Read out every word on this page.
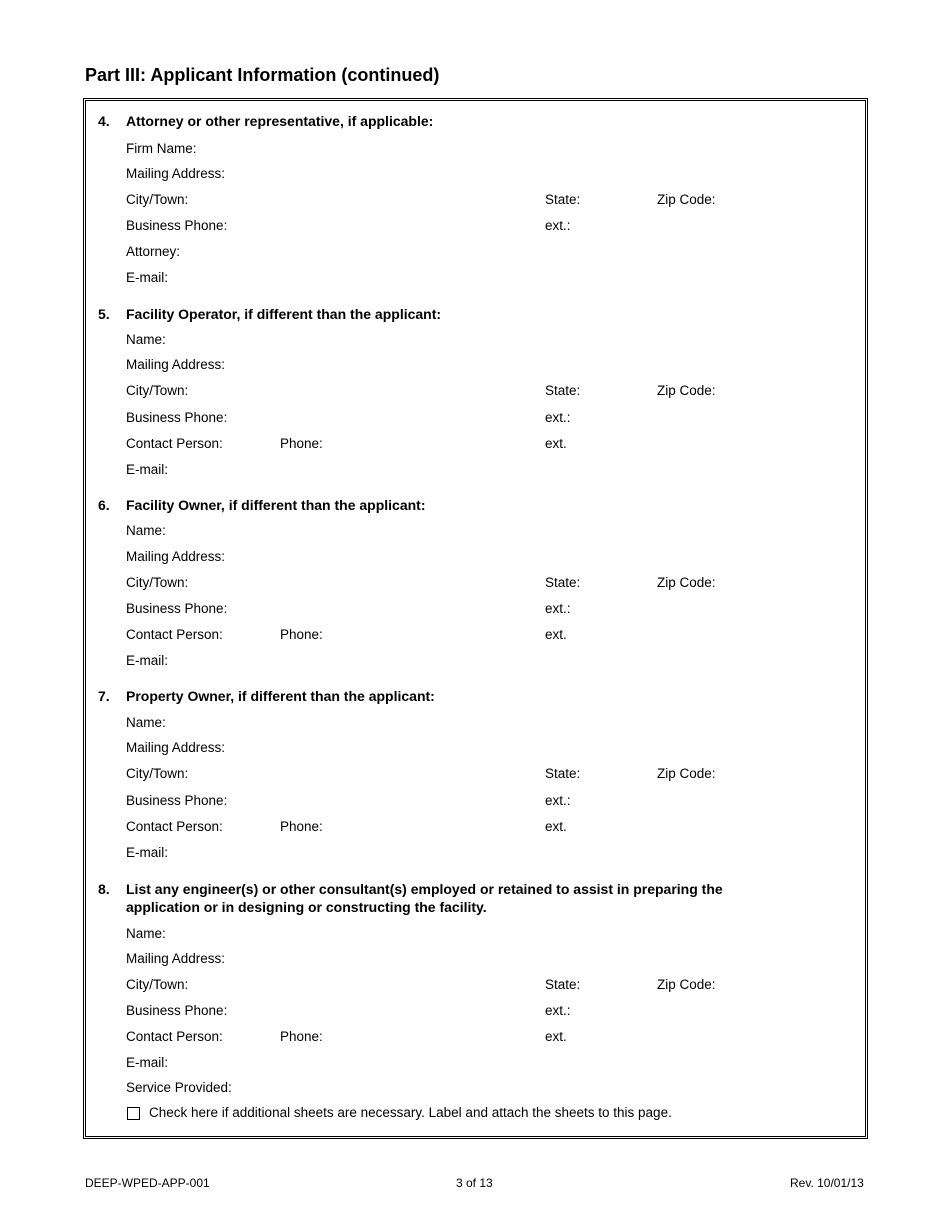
Part III: Applicant Information (continued)
4. Attorney or other representative, if applicable:
Firm Name:
Mailing Address:
City/Town:	State:	Zip Code:
Business Phone:	ext.:
Attorney:
E-mail:
5. Facility Operator, if different than the applicant:
Name:
Mailing Address:
City/Town:	State:	Zip Code:
Business Phone:	ext.:
Contact Person:	Phone:	ext.
E-mail:
6. Facility Owner, if different than the applicant:
Name:
Mailing Address:
City/Town:	State:	Zip Code:
Business Phone:	ext.:
Contact Person:	Phone:	ext.
E-mail:
7. Property Owner, if different than the applicant:
Name:
Mailing Address:
City/Town:	State:	Zip Code:
Business Phone:	ext.:
Contact Person:	Phone:	ext.
E-mail:
8. List any engineer(s) or other consultant(s) employed or retained to assist in preparing the
application or in designing or constructing the facility.
Name:
Mailing Address:
City/Town:	State:	Zip Code:
Business Phone:	ext.:
Contact Person:	Phone:	ext.
E-mail:
Service Provided:
Check here if additional sheets are necessary. Label and attach the sheets to this page.
DEEP-WPED-APP-001	3 of 13	Rev. 10/01/13
